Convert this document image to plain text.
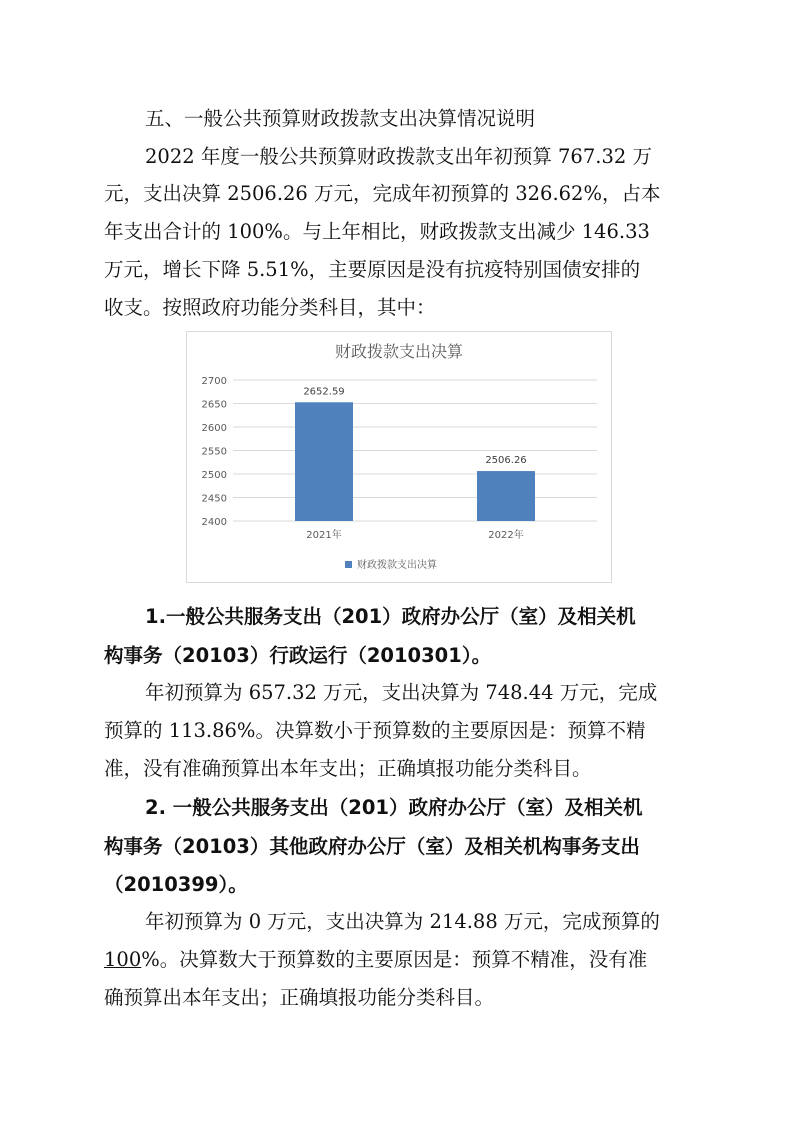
五、一般公共预算财政拨款支出决算情况说明
2022 年度一般公共预算财政拨款支出年初预算 767.32 万
元，支出决算 2506.26 万元，完成年初预算的 326.62%，占本
年支出合计的 100%。与上年相比，财政拨款支出减少 146.33
万元，增长下降 5.51%，主要原因是没有抗疫特别国债安排的
收支。按照政府功能分类科目，其中：
财政拨款支出决算
2700
2650
2600
2550
2500
2450
2400
2652.59
2506.26
2021年	2022年
财政拨款支出决算
1.一般公共服务支出（201）政府办公厅（室）及相关机
构事务（20103）行政运行（2010301）。
年初预算为 657.32 万元，支出决算为 748.44 万元，完成
预算的 113.86%。决算数小于预算数的主要原因是：预算不精
准，没有准确预算出本年支出；正确填报功能分类科目。
2. 一般公共服务支出（201）政府办公厅（室）及相关机
构事务（20103）其他政府办公厅（室）及相关机构事务支出
（2010399）。
年初预算为 0 万元，支出决算为 214.88 万元，完成预算的
100%。决算数大于预算数的主要原因是：预算不精准，没有准
确预算出本年支出；正确填报功能分类科目。
